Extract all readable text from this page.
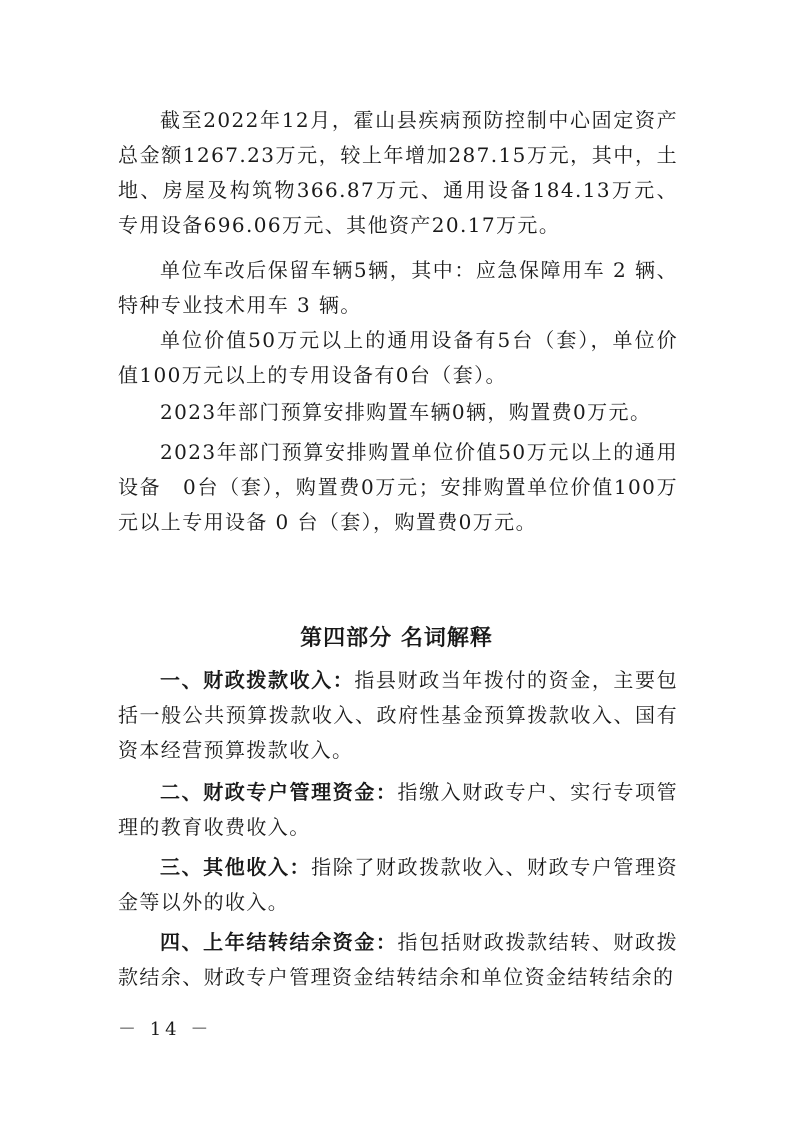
截至2022年12月，霍山县疾病预防控制中心固定资产总金额1267.23万元，较上年增加287.15万元，其中，土地、房屋及构筑物366.87万元、通用设备184.13万元、专用设备696.06万元、其他资产20.17万元。

单位车改后保留车辆5辆，其中：应急保障用车 2 辆、特种专业技术用车 3 辆。

单位价值50万元以上的通用设备有5台（套），单位价值100万元以上的专用设备有0台（套）。

2023年部门预算安排购置车辆0辆，购置费0万元。

2023年部门预算安排购置单位价值50万元以上的通用设备　0台（套），购置费0万元；安排购置单位价值100万元以上专用设备 0 台（套），购置费0万元。

第四部分 名词解释

一、财政拨款收入：指县财政当年拨付的资金，主要包括一般公共预算拨款收入、政府性基金预算拨款收入、国有资本经营预算拨款收入。

二、财政专户管理资金：指缴入财政专户、实行专项管理的教育收费收入。

三、其他收入：指除了财政拨款收入、财政专户管理资金等以外的收入。

四、上年结转结余资金：指包括财政拨款结转、财政拨款结余、财政专户管理资金结转结余和单位资金结转结余的

－ 14 －
